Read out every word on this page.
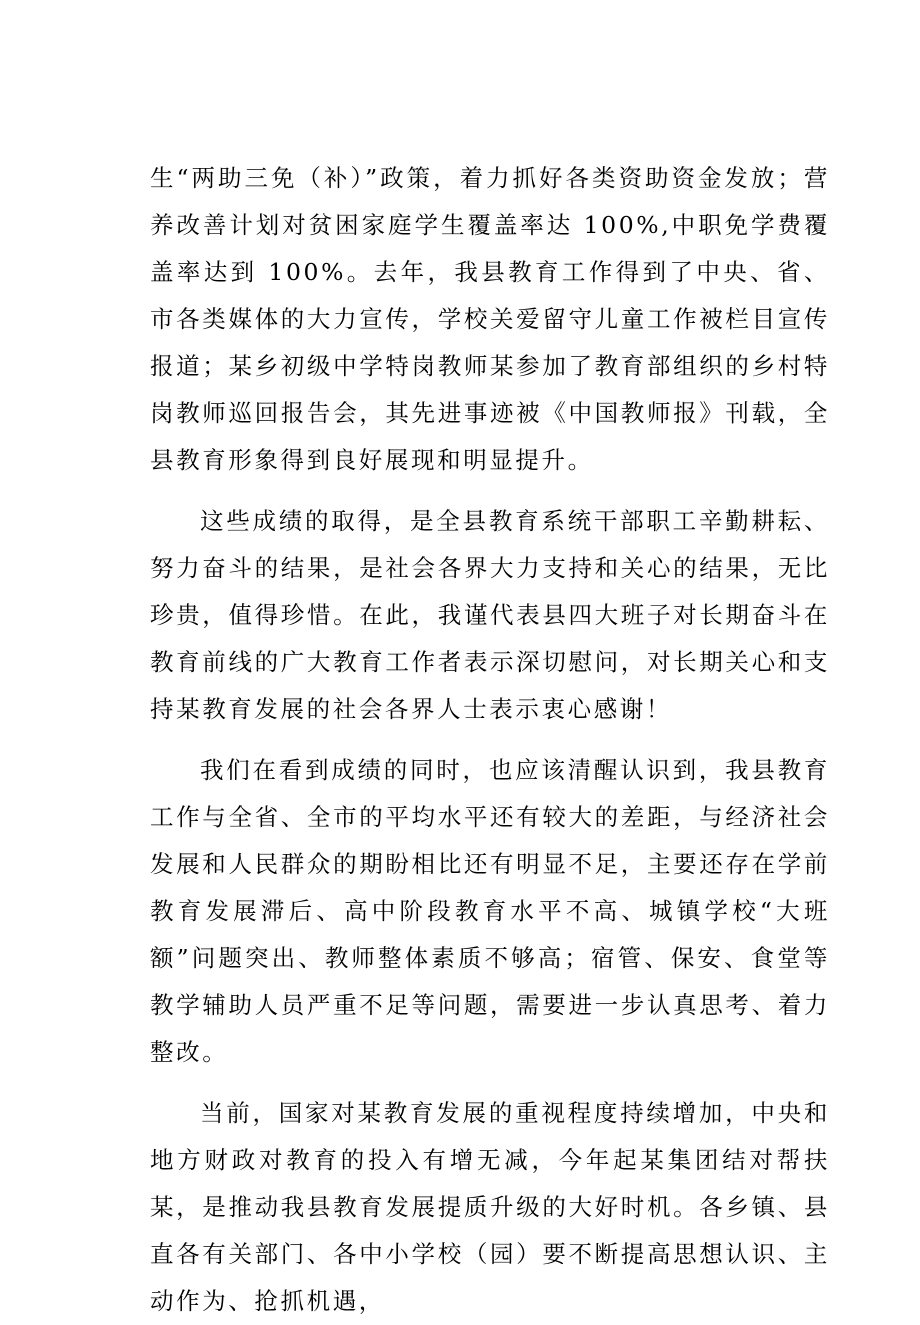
生“两助三免（补）”政策，着力抓好各类资助资金发放；营养改善计划对贫困家庭学生覆盖率达 100%,中职免学费覆盖率达到 100%。去年，我县教育工作得到了中央、省、市各类媒体的大力宣传，学校关爱留守儿童工作被栏目宣传报道；某乡初级中学特岗教师某参加了教育部组织的乡村特岗教师巡回报告会，其先进事迹被《中国教师报》刊载，全县教育形象得到良好展现和明显提升。

这些成绩的取得，是全县教育系统干部职工辛勤耕耘、努力奋斗的结果，是社会各界大力支持和关心的结果，无比珍贵，值得珍惜。在此，我谨代表县四大班子对长期奋斗在教育前线的广大教育工作者表示深切慰问，对长期关心和支持某教育发展的社会各界人士表示衷心感谢！

我们在看到成绩的同时，也应该清醒认识到，我县教育工作与全省、全市的平均水平还有较大的差距，与经济社会发展和人民群众的期盼相比还有明显不足，主要还存在学前教育发展滞后、高中阶段教育水平不高、城镇学校“大班额”问题突出、教师整体素质不够高；宿管、保安、食堂等教学辅助人员严重不足等问题，需要进一步认真思考、着力整改。

当前，国家对某教育发展的重视程度持续增加，中央和地方财政对教育的投入有增无减，今年起某集团结对帮扶某，是推动我县教育发展提质升级的大好时机。各乡镇、县直各有关部门、各中小学校（园）要不断提高思想认识、主动作为、抢抓机遇，
